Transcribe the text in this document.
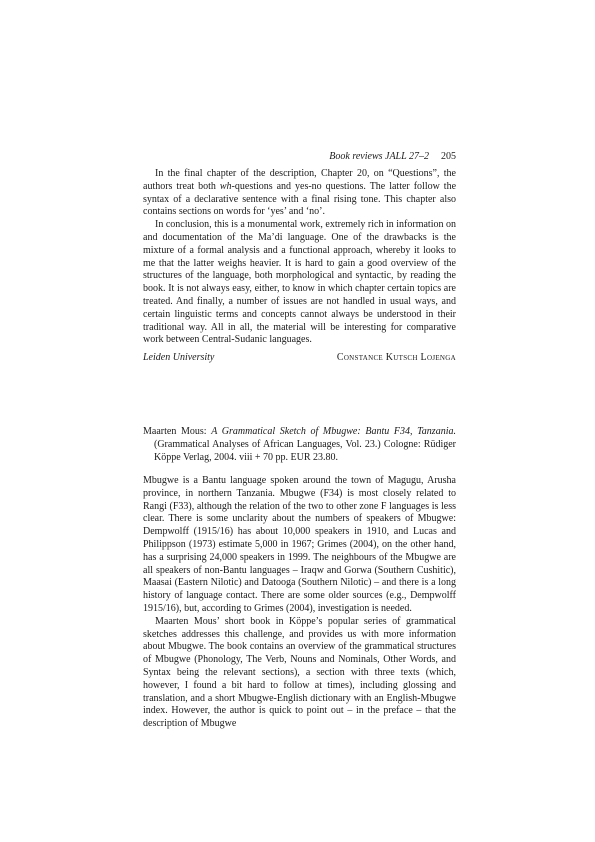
Book reviews JALL 27–2 205

In the final chapter of the description, Chapter 20, on “Questions”, the authors treat both wh-questions and yes-no questions. The latter follow the syntax of a declarative sentence with a final rising tone. This chapter also contains sections on words for ‘yes’ and ‘no’.

In conclusion, this is a monumental work, extremely rich in information on and documentation of the Ma’di language. One of the drawbacks is the mixture of a formal analysis and a functional approach, whereby it looks to me that the latter weighs heavier. It is hard to gain a good overview of the structures of the language, both morphological and syntactic, by reading the book. It is not always easy, either, to know in which chapter certain topics are treated. And finally, a number of issues are not handled in usual ways, and certain linguistic terms and concepts cannot always be understood in their traditional way. All in all, the material will be interesting for comparative work between Central-Sudanic languages.

Leiden University	Constance Kutsch Lojenga
Maarten Mous: A Grammatical Sketch of Mbugwe: Bantu F34, Tanzania. (Grammatical Analyses of African Languages, Vol. 23.) Cologne: Rüdiger Köppe Verlag, 2004. viii + 70 pp. EUR 23.80.

Mbugwe is a Bantu language spoken around the town of Magugu, Arusha province, in northern Tanzania. Mbugwe (F34) is most closely related to Rangi (F33), although the relation of the two to other zone F languages is less clear. There is some unclarity about the numbers of speakers of Mbugwe: Dempwolff (1915/16) has about 10,000 speakers in 1910, and Lucas and Philippson (1973) estimate 5,000 in 1967; Grimes (2004), on the other hand, has a surprising 24,000 speakers in 1999. The neighbours of the Mbugwe are all speakers of non-Bantu languages – Iraqw and Gorwa (Southern Cushitic), Maasai (Eastern Nilotic) and Datooga (Southern Nilotic) – and there is a long history of language contact. There are some older sources (e.g., Dempwolff 1915/16), but, according to Grimes (2004), investigation is needed.

Maarten Mous’ short book in Köppe’s popular series of grammatical sketches addresses this challenge, and provides us with more information about Mbugwe. The book contains an overview of the grammatical structures of Mbugwe (Phonology, The Verb, Nouns and Nominals, Other Words, and Syntax being the relevant sections), a section with three texts (which, however, I found a bit hard to follow at times), including glossing and translation, and a short Mbugwe-English dictionary with an English-Mbugwe index. However, the author is quick to point out – in the preface – that the description of Mbugwe
